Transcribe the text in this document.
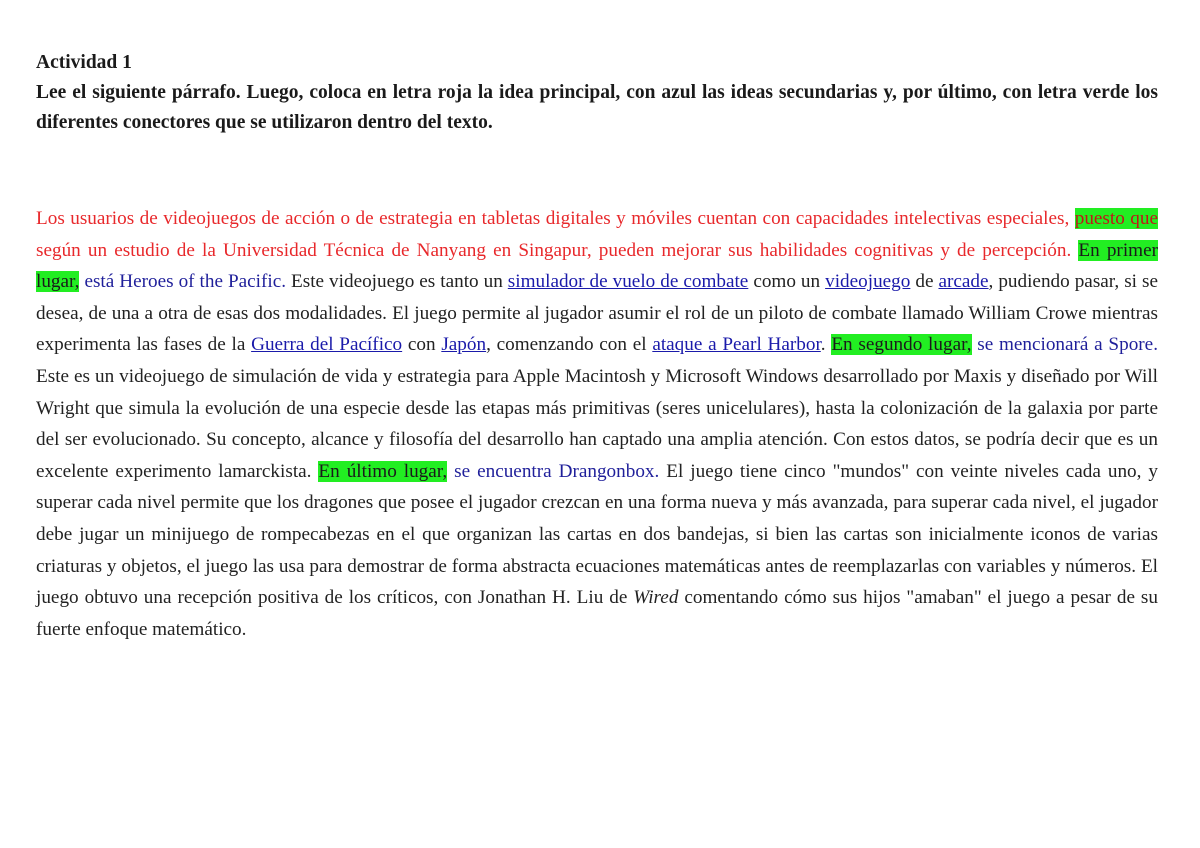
Actividad 1
Lee el siguiente párrafo. Luego, coloca en letra roja la idea principal, con azul las ideas secundarias y, por último, con letra verde los diferentes conectores que se utilizaron dentro del texto.
Los usuarios de videojuegos de acción o de estrategia en tabletas digitales y móviles cuentan con capacidades intelectivas especiales, puesto que según un estudio de la Universidad Técnica de Nanyang en Singapur, pueden mejorar sus habilidades cognitivas y de percepción. En primer lugar, está Heroes of the Pacific. Este videojuego es tanto un simulador de vuelo de combate como un videojuego de arcade, pudiendo pasar, si se desea, de una a otra de esas dos modalidades. El juego permite al jugador asumir el rol de un piloto de combate llamado William Crowe mientras experimenta las fases de la Guerra del Pacífico con Japón, comenzando con el ataque a Pearl Harbor. En segundo lugar, se mencionará a Spore. Este es un videojuego de simulación de vida y estrategia para Apple Macintosh y Microsoft Windows desarrollado por Maxis y diseñado por Will Wright que simula la evolución de una especie desde las etapas más primitivas (seres unicelulares), hasta la colonización de la galaxia por parte del ser evolucionado. Su concepto, alcance y filosofía del desarrollo han captado una amplia atención. Con estos datos, se podría decir que es un excelente experimento lamarckista. En último lugar, se encuentra Drangonbox. El juego tiene cinco "mundos" con veinte niveles cada uno, y superar cada nivel permite que los dragones que posee el jugador crezcan en una forma nueva y más avanzada, para superar cada nivel, el jugador debe jugar un minijuego de rompecabezas en el que organizan las cartas en dos bandejas, si bien las cartas son inicialmente iconos de varias criaturas y objetos, el juego las usa para demostrar de forma abstracta ecuaciones matemáticas antes de reemplazarlas con variables y números. El juego obtuvo una recepción positiva de los críticos, con Jonathan H. Liu de Wired comentando cómo sus hijos "amaban" el juego a pesar de su fuerte enfoque matemático.
